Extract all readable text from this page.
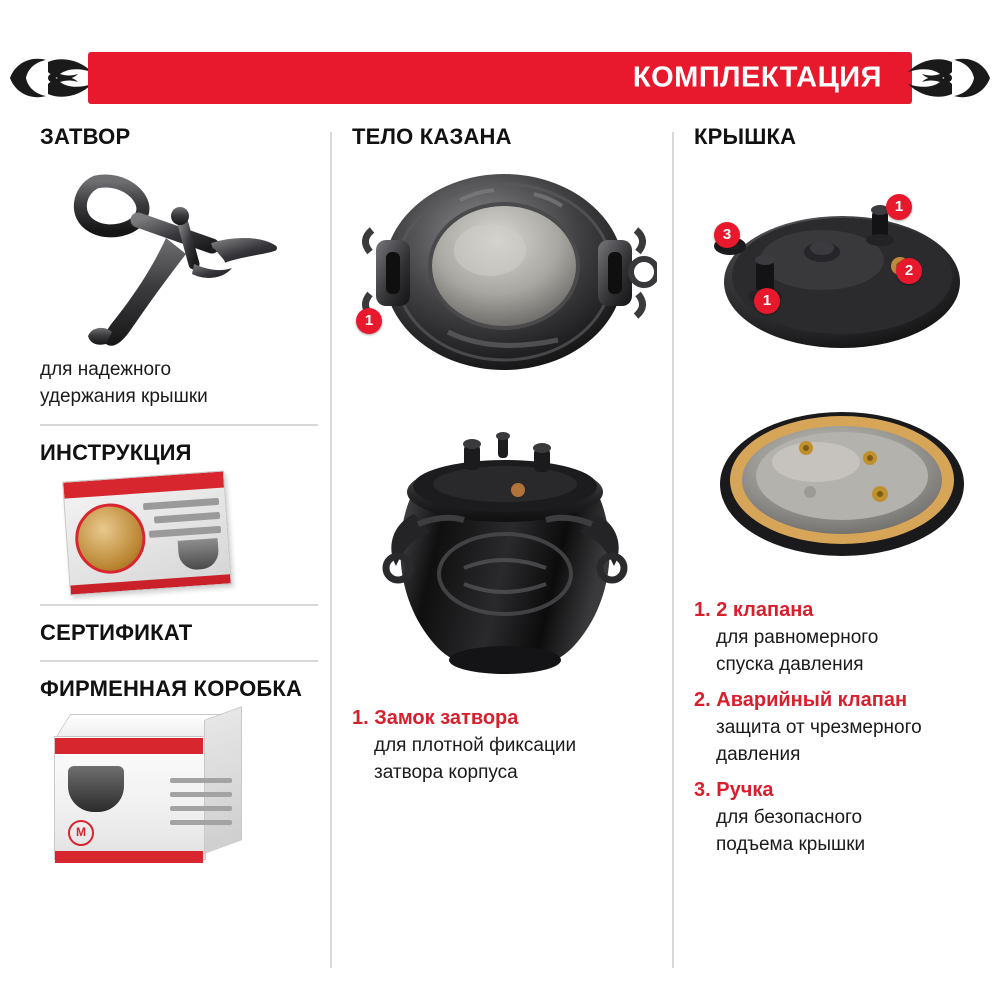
КОМПЛЕКТАЦИЯ
ЗАТВОР
для надежного
удержания крышки
ИНСТРУКЦИЯ
СЕРТИФИКАТ
ФИРМЕННАЯ КОРОБКА
M
ТЕЛО КАЗАНА
1
1. Замок затвора
для плотной фиксации
затвора корпуса
КРЫШКА
1
1
2
3
1. 2 клапана
для равномерного
спуска давления
2. Аварийный клапан
защита от чрезмерного
давления
3. Ручка
для безопасного
подъема крышки
